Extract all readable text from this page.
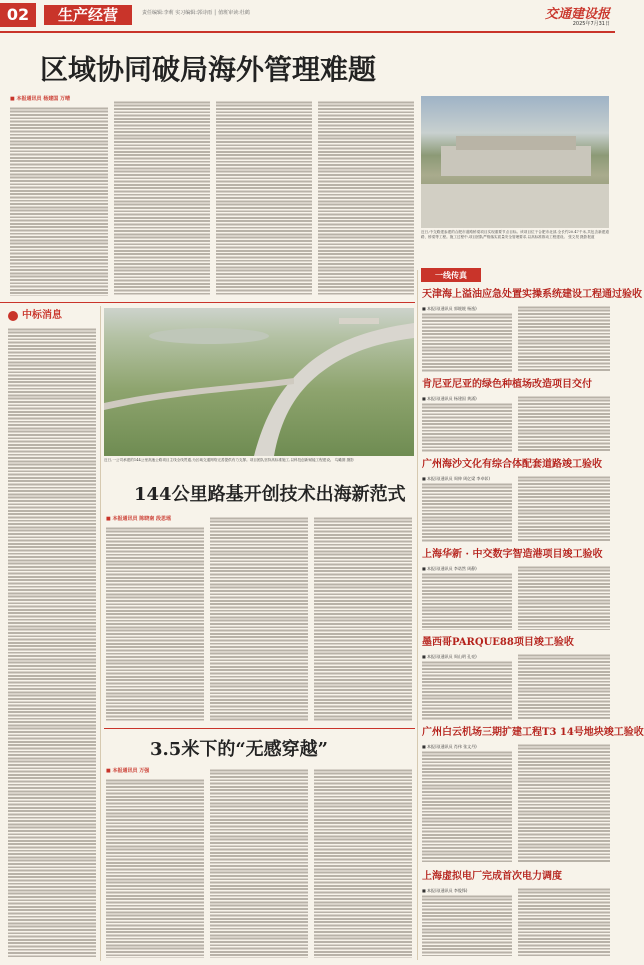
02	生产经营	责任编辑:李莉 实习编辑:郭诗雨 │ 值班审读:杜鹤	交通建设报
2025年7月31日
区域协同破局海外管理难题
■ 本报通讯员 杨建国 万晴
近日,中交路建参建的合肥市道路桥梁项目实现重要节点目标。该项目位于合肥市北部,全长约20.47千米,共包含新建道路、桥梁等工程。施工过程中,项目团队严格落实质量安全管理要求,以高标准推动工程建设。 张文昊 摄影报道
一线传真
天津海上溢油应急处置实操系统建设工程通过验收
■ 本报讯(通讯员 郭媛媛 杨逸)
肯尼亚尼亚的绿色种植场改造项目交付
■ 本报讯(通讯员 杨建国 黄涌)
广州海沙文化有综合体配套道路竣工验收
■ 本报讯(通讯员 周伸 周亿梁 李卓彰)
上海华新 · 中交数字智造港项目竣工验收
■ 本报讯(通讯员 李诺然 周静)
墨西哥PARQUE88项目竣工验收
■ 本报讯(通讯员 周山明 孔亮)
广州白云机场三期扩建工程T3 14号地块竣工验收
■ 本报讯(通讯员 肖伟 张文丹)
上海虚拟电厂完成首次电力调度
■ 本报讯(通讯员 李俊锋)
中标消息
近日,一公司承建的144公里高速公路项目主线全线贯通,为区域交通网络完善提供有力支撑。项目团队坚持高标准施工,以科技创新赋能工程建设。 鸟瞰图 摄影
144公里路基开创技术出海新范式
■ 本报通讯员 陈晓南 段思瑶
3.5米下的“无感穿越”
■ 本报通讯员 万强
